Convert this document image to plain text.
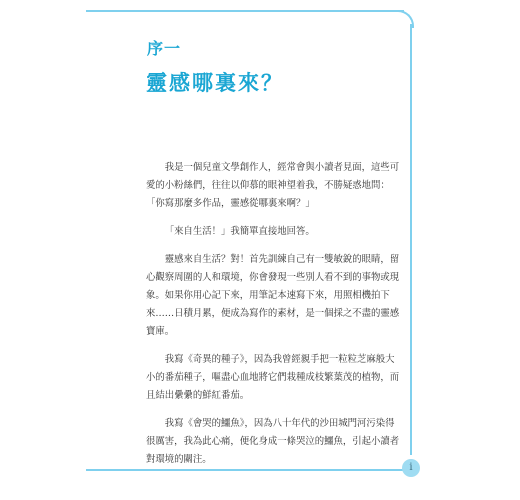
序一
靈感哪裏來？

我是一個兒童文學創作人，經常會與小讀者見面，這些可愛的小粉絲們，往往以仰慕的眼神望着我，不勝疑惑地問：「你寫那麼多作品，靈感從哪裏來啊？」

「來自生活！」我簡單直接地回答。

靈感來自生活？對！首先訓練自己有一雙敏銳的眼睛，留心觀察周圍的人和環境，你會發現一些別人看不到的事物或現象。如果你用心記下來，用筆記本速寫下來，用照相機拍下來……日積月累，便成為寫作的素材，是一個採之不盡的靈感寶庫。

我寫《奇異的種子》，因為我曾經親手把一粒粒芝麻般大小的番茄種子，嘔盡心血地將它們栽種成枝繁葉茂的植物，而且結出纍纍的鮮紅番茄。

我寫《會哭的鱷魚》，因為八十年代的沙田城門河污染得很厲害，我為此心痛，便化身成一條哭泣的鱷魚，引起小讀者對環境的關注。

i
